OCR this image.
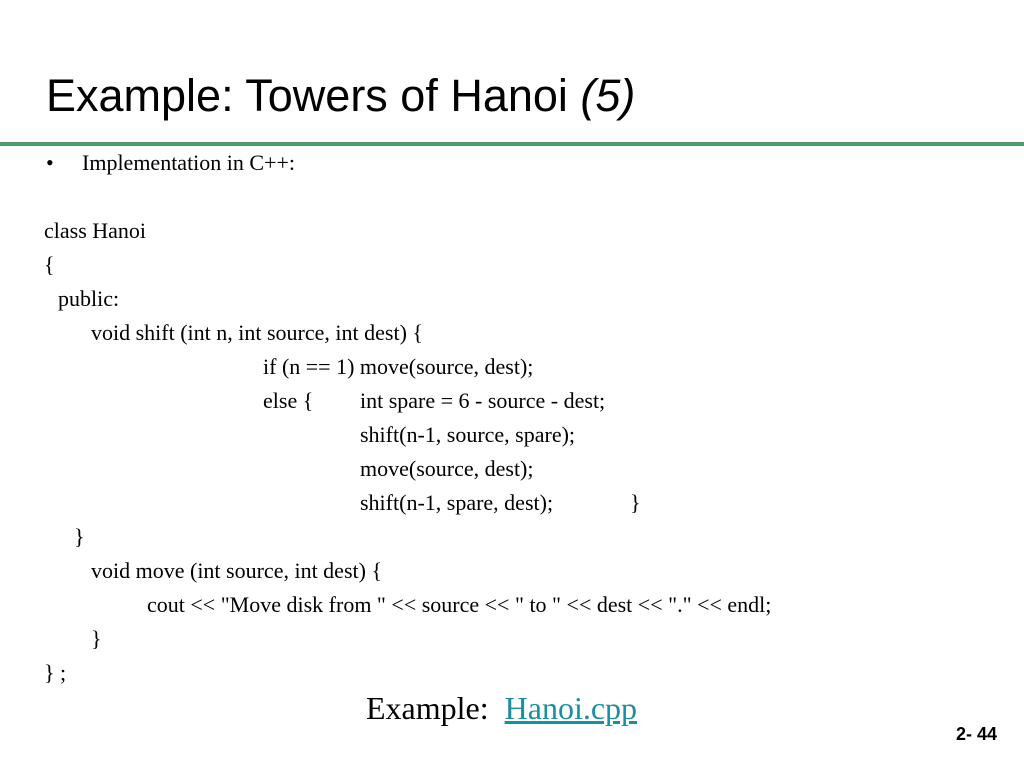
Example: Towers of Hanoi (5)
• Implementation in C++:
class Hanoi
{
public:
void shift (int n, int source, int dest) {
if (n == 1) move(source, dest);
else { int spare = 6 - source - dest;
shift(n-1, source, spare);
move(source, dest);
shift(n-1, spare, dest);	}
}
void move (int source, int dest) {
cout << "Move disk from " << source << " to " << dest << "." << endl;
}
} ;
Example: Hanoi.cpp
2- 44
